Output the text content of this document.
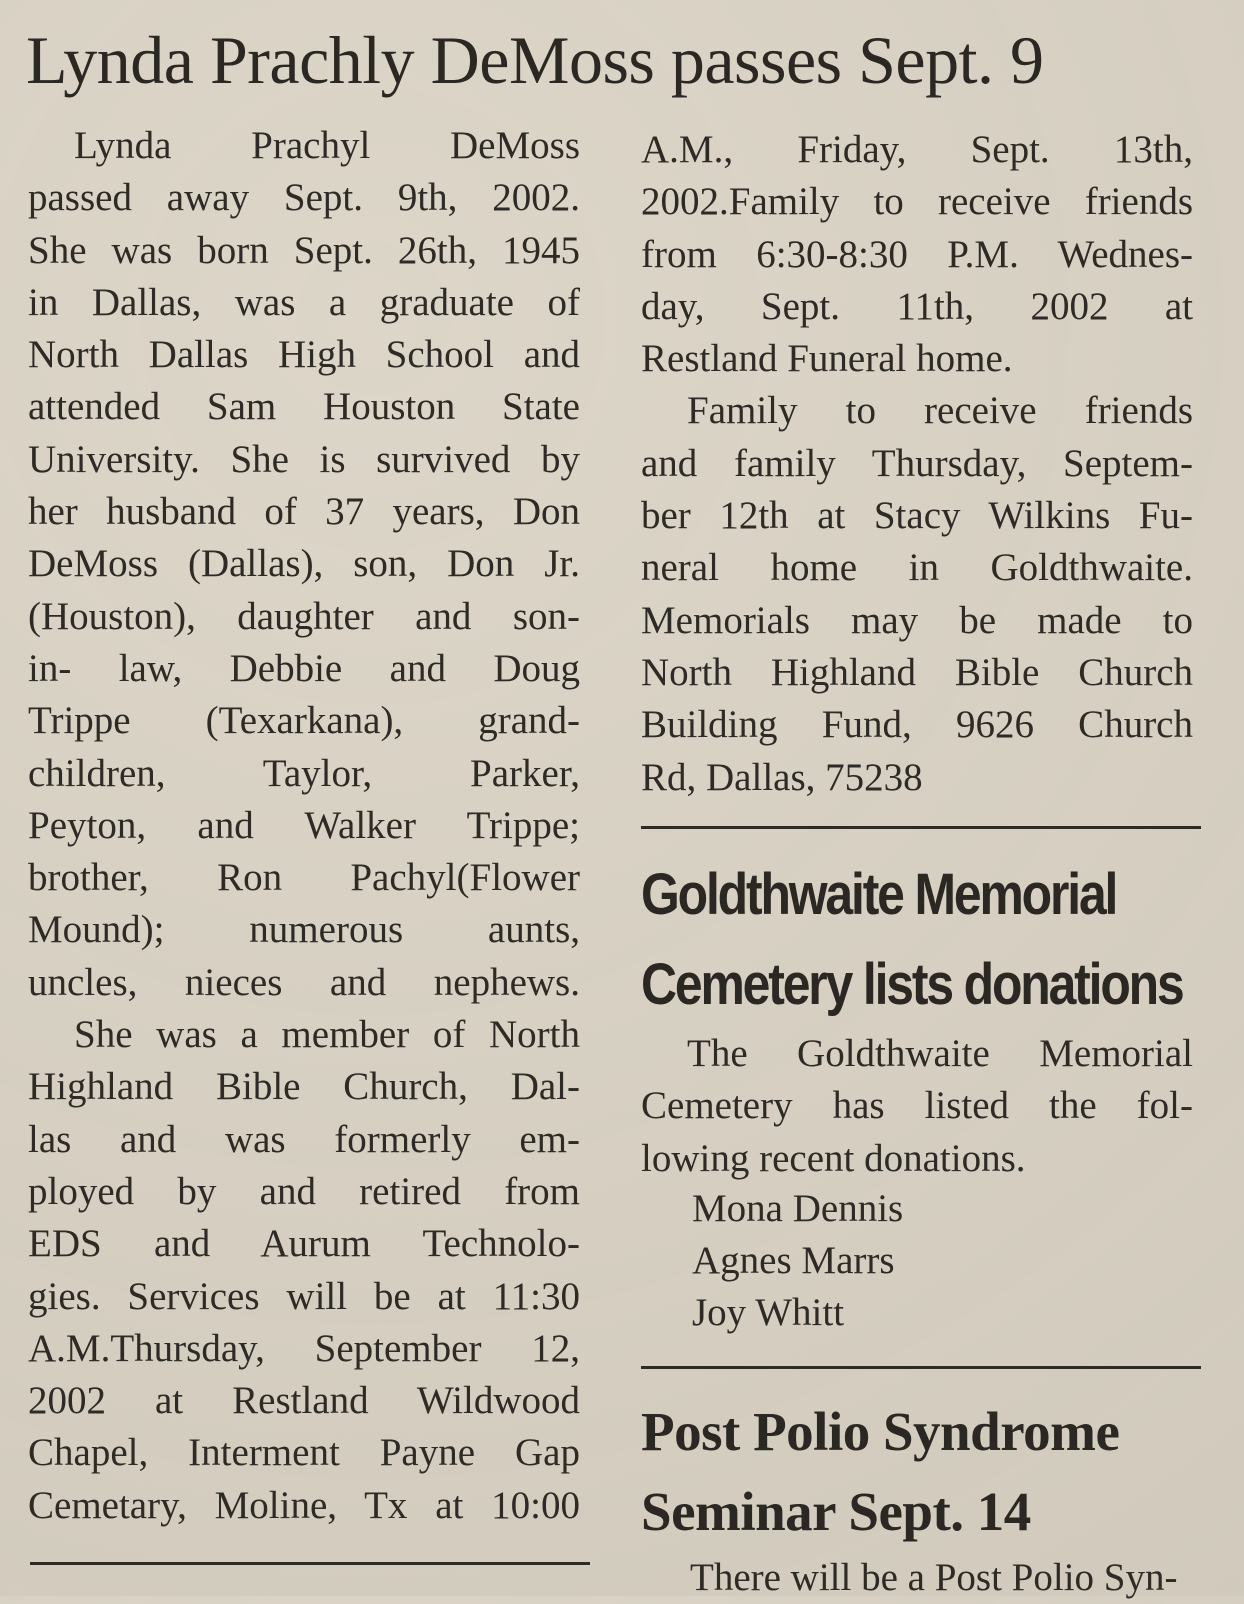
Lynda Prachly DeMoss passes Sept. 9
Lynda Prachyl DeMoss
passed away Sept. 9th, 2002.
She was born Sept. 26th, 1945
in Dallas, was a graduate of
North Dallas High School and
attended Sam Houston State
University. She is survived by
her husband of 37 years, Don
DeMoss (Dallas), son, Don Jr.
(Houston), daughter and son-
in- law, Debbie and Doug
Trippe (Texarkana), grand-
children, Taylor, Parker,
Peyton, and Walker Trippe;
brother, Ron Pachyl(Flower
Mound); numerous aunts,
uncles, nieces and nephews.
She was a member of North
Highland Bible Church, Dal-
las and was formerly em-
ployed by and retired from
EDS and Aurum Technolo-
gies. Services will be at 11:30
A.M.Thursday, September 12,
2002 at Restland Wildwood
Chapel, Interment Payne Gap
Cemetary, Moline, Tx at 10:00
A.M., Friday, Sept. 13th,
2002.Family to receive friends
from 6:30-8:30 P.M. Wednes-
day, Sept. 11th, 2002 at
Restland Funeral home.
Family to receive friends
and family Thursday, Septem-
ber 12th at Stacy Wilkins Fu-
neral home in Goldthwaite.
Memorials may be made to
North Highland Bible Church
Building Fund, 9626 Church
Rd, Dallas, 75238
Goldthwaite Memorial
Cemetery lists donations
The Goldthwaite Memorial
Cemetery has listed the fol-
lowing recent donations.
Mona Dennis
Agnes Marrs
Joy Whitt
Post Polio Syndrome
Seminar Sept. 14
There will be a Post Polio Syn-
